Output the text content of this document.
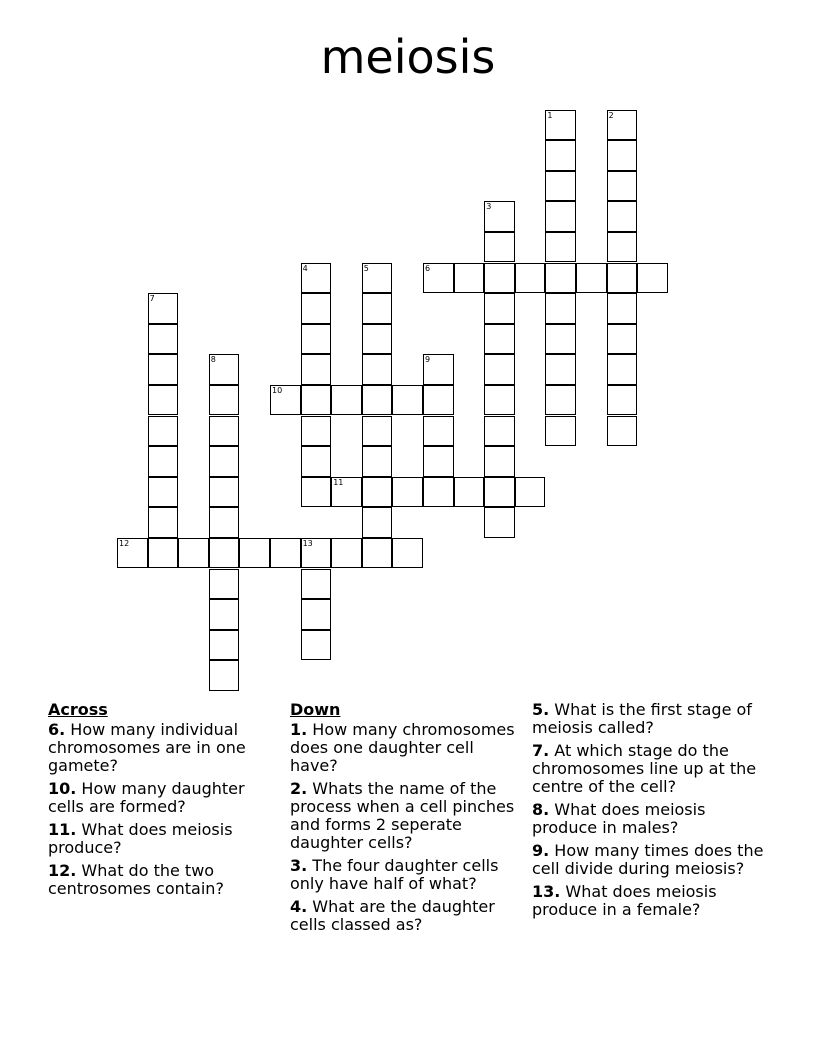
meiosis
1	2
3
4	5	6
7
8	9
10
11
12	13
Across
6. How many individual chromosomes are in one gamete?
10. How many daughter cells are formed?
11. What does meiosis produce?
12. What do the two centrosomes contain?
Down
1. How many chromosomes does one daughter cell have?
2. Whats the name of the process when a cell pinches and forms 2 seperate daughter cells?
3. The four daughter cells only have half of what?
4. What are the daughter cells classed as?
5. What is the first stage of meiosis called?
7. At which stage do the chromosomes line up at the centre of the cell?
8. What does meiosis produce in males?
9. How many times does the cell divide during meiosis?
13. What does meiosis produce in a female?
